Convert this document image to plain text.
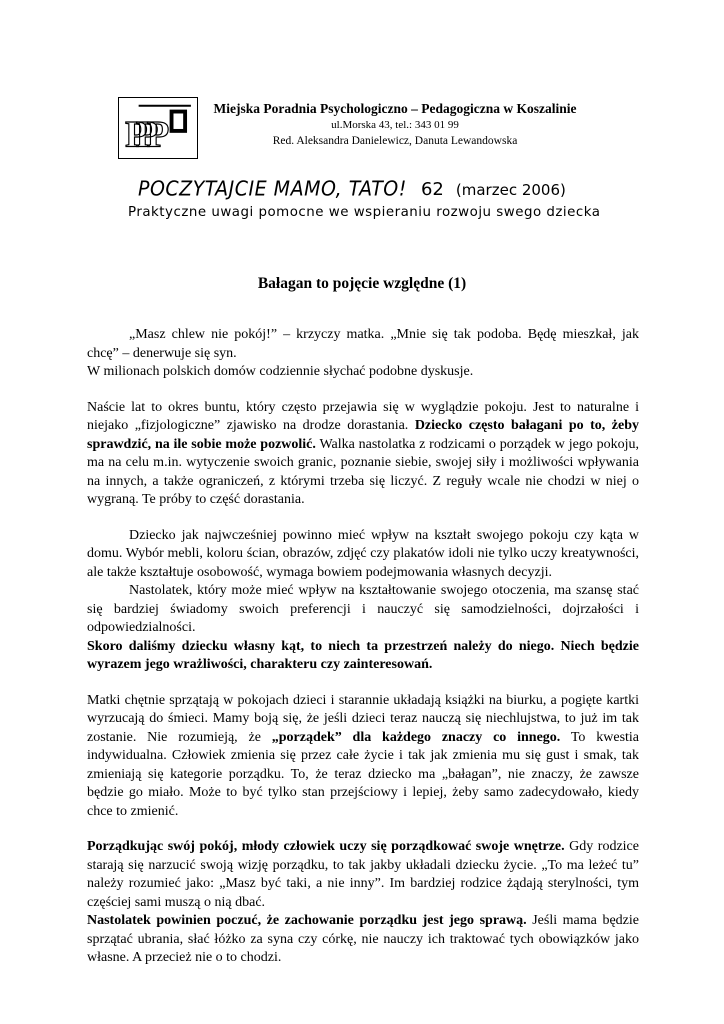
PPP
Miejska Poradnia Psychologiczno – Pedagogiczna w Koszalinie
ul.Morska 43, tel.: 343 01 99
Red. Aleksandra Danielewicz, Danuta Lewandowska
POCZYTAJCIE MAMO, TATO! 62 (marzec 2006)
Praktyczne uwagi pomocne we wspieraniu rozwoju swego dziecka
Bałagan to pojęcie względne (1)

„Masz chlew nie pokój!” – krzyczy matka. „Mnie się tak podoba. Będę mieszkał, jak chcę” – denerwuje się syn.

W milionach polskich domów codziennie słychać podobne dyskusje.

Naście lat to okres buntu, który często przejawia się w wyglądzie pokoju. Jest to naturalne i niejako „fizjologiczne” zjawisko na drodze dorastania. Dziecko często bałagani po to, żeby sprawdzić, na ile sobie może pozwolić. Walka nastolatka z rodzicami o porządek w jego pokoju, ma na celu m.in. wytyczenie swoich granic, poznanie siebie, swojej siły i możliwości wpływania na innych, a także ograniczeń, z którymi trzeba się liczyć. Z reguły wcale nie chodzi w niej o wygraną. Te próby to część dorastania.

Dziecko jak najwcześniej powinno mieć wpływ na kształt swojego pokoju czy kąta w domu. Wybór mebli, koloru ścian, obrazów, zdjęć czy plakatów idoli nie tylko uczy kreatywności, ale także kształtuje osobowość, wymaga bowiem podejmowania własnych decyzji.

Nastolatek, który może mieć wpływ na kształtowanie swojego otoczenia, ma szansę stać się bardziej świadomy swoich preferencji i nauczyć się samodzielności, dojrzałości i odpowiedzialności.

Skoro daliśmy dziecku własny kąt, to niech ta przestrzeń należy do niego. Niech będzie wyrazem jego wrażliwości, charakteru czy zainteresowań.

Matki chętnie sprzątają w pokojach dzieci i starannie układają książki na biurku, a pogięte kartki wyrzucają do śmieci. Mamy boją się, że jeśli dzieci teraz nauczą się niechlujstwa, to już im tak zostanie. Nie rozumieją, że „porządek” dla każdego znaczy co innego. To kwestia indywidualna. Człowiek zmienia się przez całe życie i tak jak zmienia mu się gust i smak, tak zmieniają się kategorie porządku. To, że teraz dziecko ma „bałagan”, nie znaczy, że zawsze będzie go miało. Może to być tylko stan przejściowy i lepiej, żeby samo zadecydowało, kiedy chce to zmienić.

Porządkując swój pokój, młody człowiek uczy się porządkować swoje wnętrze. Gdy rodzice starają się narzucić swoją wizję porządku, to tak jakby układali dziecku życie. „To ma leżeć tu” należy rozumieć jako: „Masz być taki, a nie inny”. Im bardziej rodzice żądają sterylności, tym częściej sami muszą o nią dbać.

Nastolatek powinien poczuć, że zachowanie porządku jest jego sprawą. Jeśli mama będzie sprzątać ubrania, słać łóżko za syna czy córkę, nie nauczy ich traktować tych obowiązków jako własne. A przecież nie o to chodzi.
